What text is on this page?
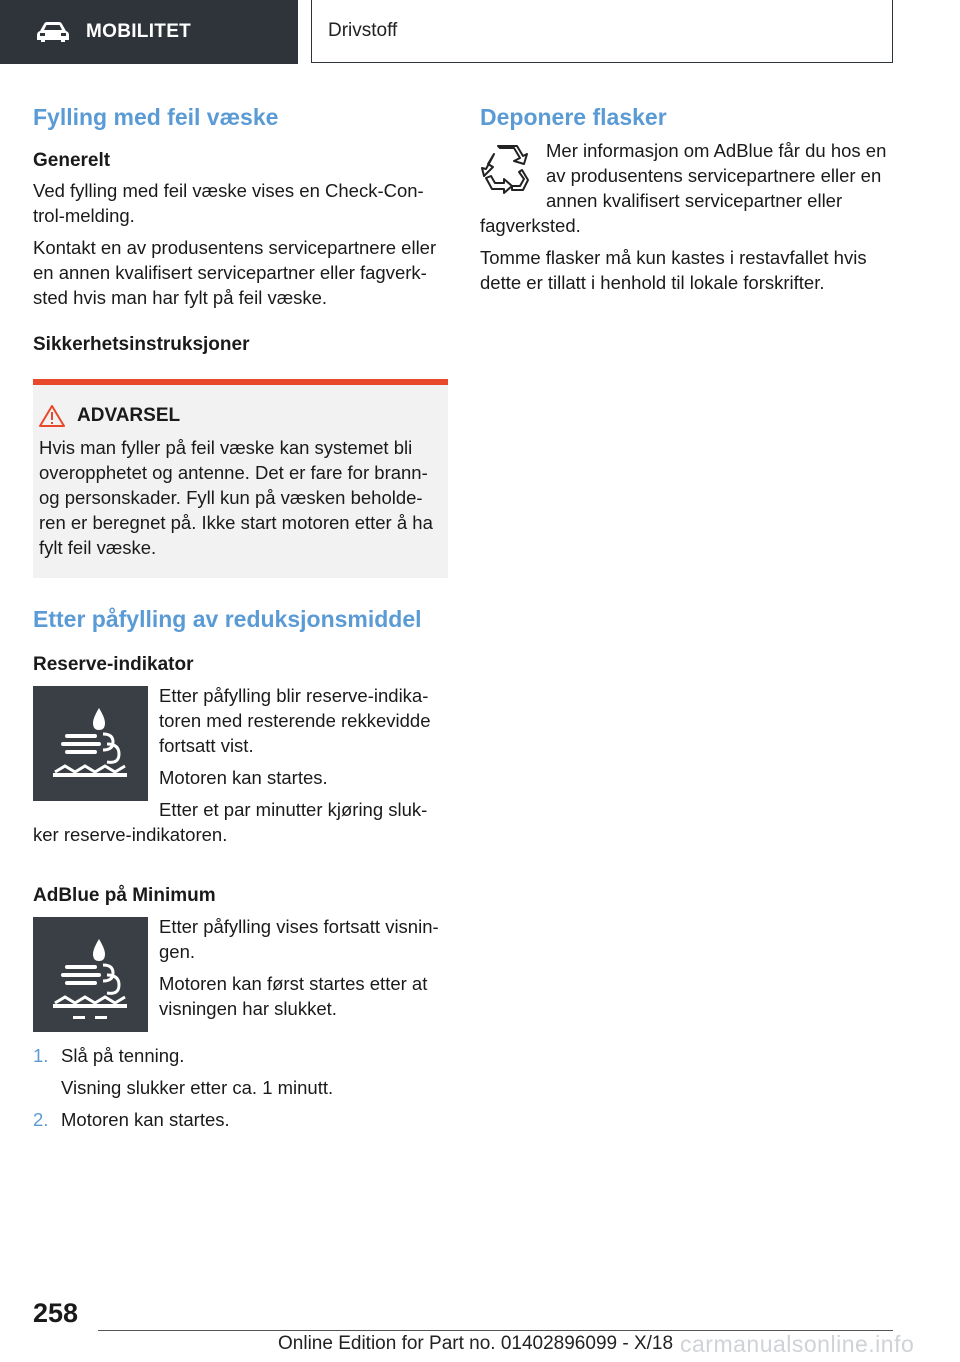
MOBILITET	Drivstoff
Fylling med feil væske
Generelt

Ved fylling med feil væske vises en Check-Con‐trol-melding.

Kontakt en av produsentens servicepartnere eller en annen kvalifisert servicepartner eller fagverk‐sted hvis man har fylt på feil væske.

Sikkerhetsinstruksjoner
ADVARSEL

Hvis man fyller på feil væske kan systemet bli overopphetet og antenne. Det er fare for brann- og personskader. Fyll kun på væsken beholde‐ren er beregnet på. Ikke start motoren etter å ha fylt feil væske.

Etter påfylling av reduksjonsmiddel
Reserve-indikator

Etter påfylling blir reserve-indika‐toren med resterende rekkevidde fortsatt vist.

Motoren kan startes.

Etter et par minutter kjøring sluk‐ker reserve-indikatoren.

AdBlue på Minimum

Etter påfylling vises fortsatt visnin‐gen.

Motoren kan først startes etter at visningen har slukket.

1. Slå på tenning.
Visning slukker etter ca. 1 minutt.
2. Motoren kan startes.
Deponere flasker

Mer informasjon om AdBlue får du hos en av produsentens servicepartnere eller en annen kvalifisert servicepartner eller fagverksted.

Tomme flasker må kun kastes i restavfallet hvis dette er tillatt i henhold til lokale forskrifter.

258
Online Edition for Part no. 01402896099 - X/18 carmanualsonline.info
